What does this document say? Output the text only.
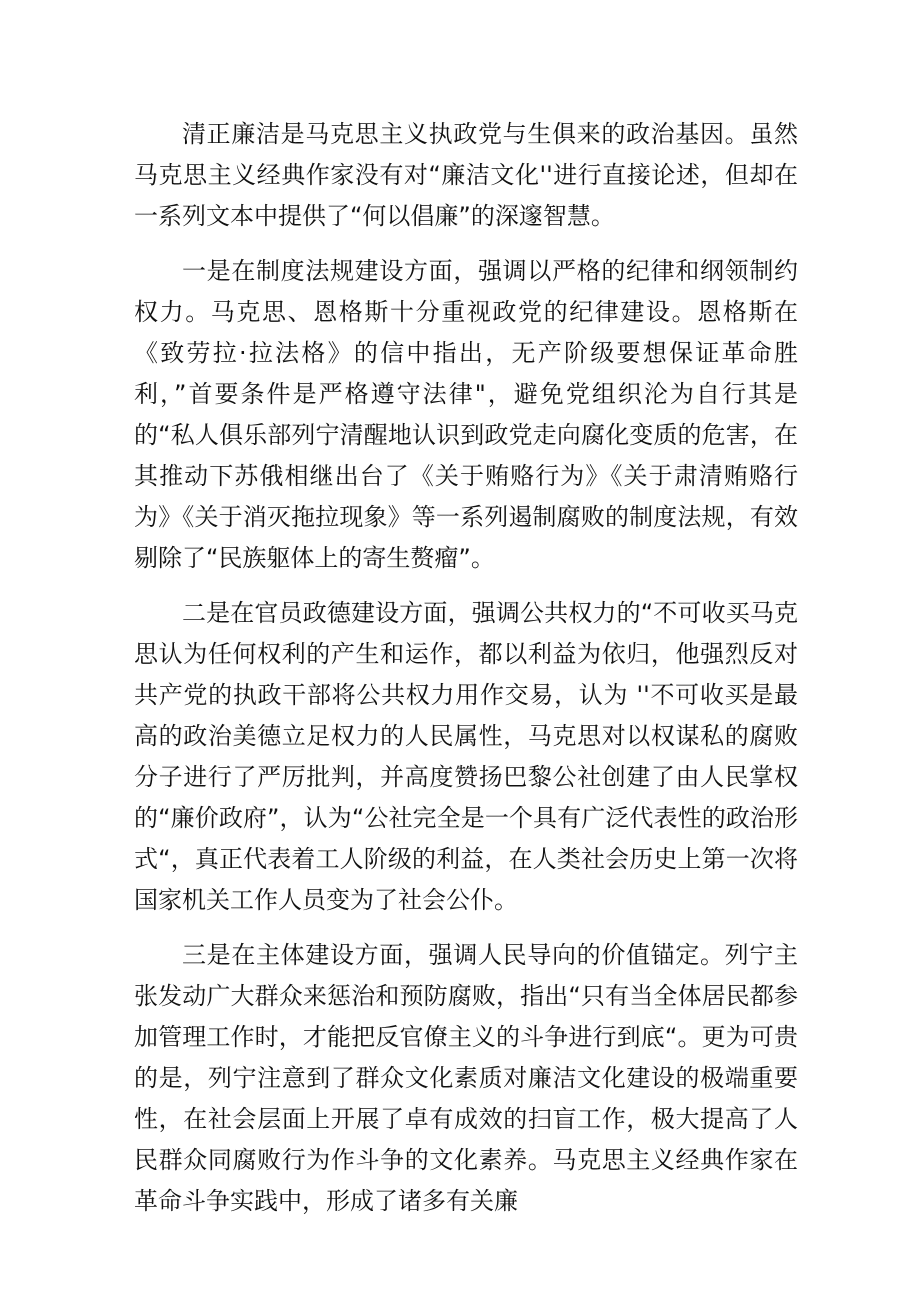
清正廉洁是马克思主义执政党与生俱来的政治基因。虽然马克思主义经典作家没有对“廉洁文化''进行直接论述，但却在一系列文本中提供了“何以倡廉”的深邃智慧。

一是在制度法规建设方面，强调以严格的纪律和纲领制约权力。马克思、恩格斯十分重视政党的纪律建设。恩格斯在《致劳拉·拉法格》的信中指出，无产阶级要想保证革命胜利，”首要条件是严格遵守法律"，避免党组织沦为自行其是的“私人俱乐部列宁清醒地认识到政党走向腐化变质的危害，在其推动下苏俄相继出台了《关于贿赂行为》《关于肃清贿赂行为》《关于消灭拖拉现象》等一系列遏制腐败的制度法规，有效剔除了“民族躯体上的寄生赘瘤”。

二是在官员政德建设方面，强调公共权力的“不可收买马克思认为任何权利的产生和运作，都以利益为依归，他强烈反对共产党的执政干部将公共权力用作交易，认为 ''不可收买是最高的政治美德立足权力的人民属性，马克思对以权谋私的腐败分子进行了严厉批判，并高度赞扬巴黎公社创建了由人民掌权的“廉价政府”，认为“公社完全是一个具有广泛代表性的政治形式“，真正代表着工人阶级的利益，在人类社会历史上第一次将国家机关工作人员变为了社会公仆。

三是在主体建设方面，强调人民导向的价值锚定。列宁主张发动广大群众来惩治和预防腐败，指出“只有当全体居民都参加管理工作时，才能把反官僚主义的斗争进行到底“。更为可贵的是，列宁注意到了群众文化素质对廉洁文化建设的极端重要性，在社会层面上开展了卓有成效的扫盲工作，极大提高了人民群众同腐败行为作斗争的文化素养。马克思主义经典作家在革命斗争实践中，形成了诸多有关廉
